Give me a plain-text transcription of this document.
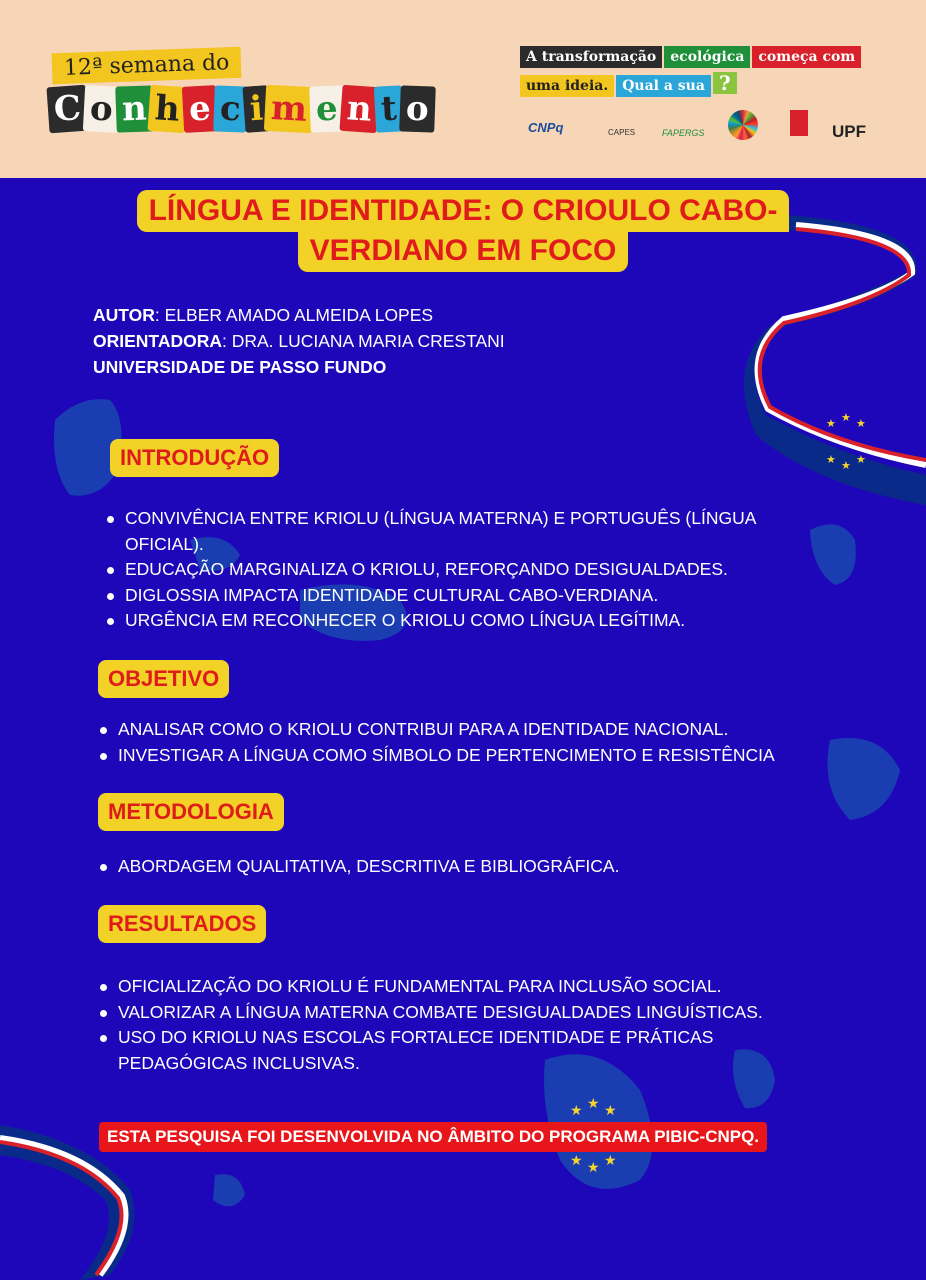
★ ★ ★
★ ★ ★
★ ★ ★
★ ★ ★
12ª semana do
C o n h e c i m e n t o
A transformação ecológica começa com
uma ideia. Qual a sua ?
CNPq	CAPES	FAPERGS	UPF
LÍNGUA E IDENTIDADE: O CRIOULO CABO-
VERDIANO EM FOCO
AUTOR: ELBER AMADO ALMEIDA LOPES
ORIENTADORA: DRA. LUCIANA MARIA CRESTANI
UNIVERSIDADE DE PASSO FUNDO
INTRODUÇÃO
CONVIVÊNCIA ENTRE KRIOLU (LÍNGUA MATERNA) E PORTUGUÊS (LÍNGUA OFICIAL).
EDUCAÇÃO MARGINALIZA O KRIOLU, REFORÇANDO DESIGUALDADES.
DIGLOSSIA IMPACTA IDENTIDADE CULTURAL CABO-VERDIANA.
URGÊNCIA EM RECONHECER O KRIOLU COMO LÍNGUA LEGÍTIMA.
OBJETIVO
ANALISAR COMO O KRIOLU CONTRIBUI PARA A IDENTIDADE NACIONAL.
INVESTIGAR A LÍNGUA COMO SÍMBOLO DE PERTENCIMENTO E RESISTÊNCIA
METODOLOGIA
ABORDAGEM QUALITATIVA, DESCRITIVA E BIBLIOGRÁFICA.
RESULTADOS
OFICIALIZAÇÃO DO KRIOLU É FUNDAMENTAL PARA INCLUSÃO SOCIAL.
VALORIZAR A LÍNGUA MATERNA COMBATE DESIGUALDADES LINGUÍSTICAS.
USO DO KRIOLU NAS ESCOLAS FORTALECE IDENTIDADE E PRÁTICAS PEDAGÓGICAS INCLUSIVAS.
ESTA PESQUISA FOI DESENVOLVIDA NO ÂMBITO DO PROGRAMA PIBIC-CNPQ.
